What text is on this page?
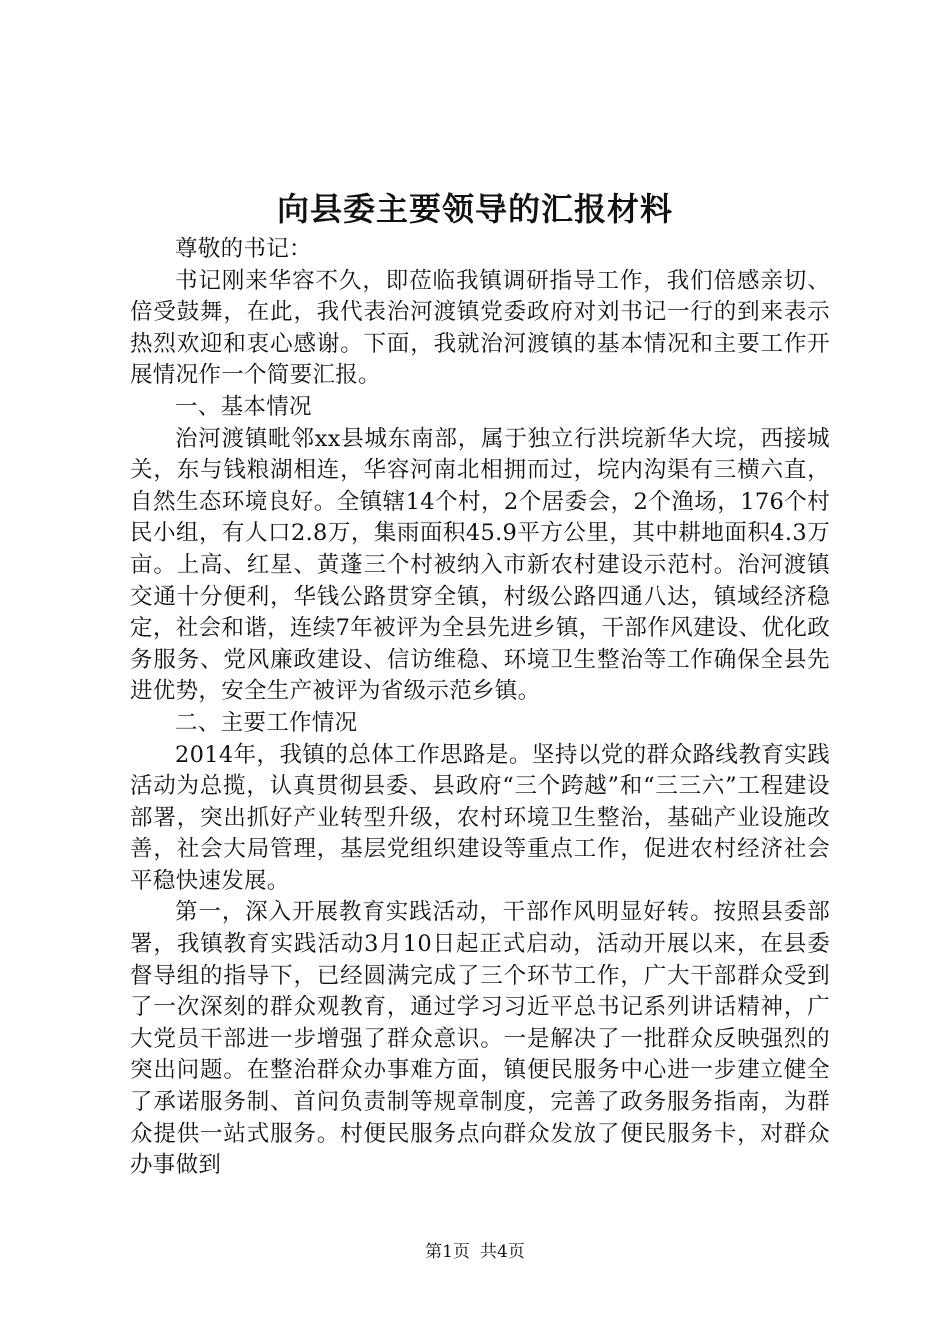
向县委主要领导的汇报材料

尊敬的书记：

书记刚来华容不久，即莅临我镇调研指导工作，我们倍感亲切、倍受鼓舞，在此，我代表治河渡镇党委政府对刘书记一行的到来表示热烈欢迎和衷心感谢。下面，我就治河渡镇的基本情况和主要工作开展情况作一个简要汇报。

一、基本情况

治河渡镇毗邻xx县城东南部，属于独立行洪垸新华大垸，西接城关，东与钱粮湖相连，华容河南北相拥而过，垸内沟渠有三横六直，自然生态环境良好。全镇辖14个村，2个居委会，2个渔场，176个村民小组，有人口2.8万，集雨面积45.9平方公里，其中耕地面积4.3万亩。上高、红星、黄蓬三个村被纳入市新农村建设示范村。治河渡镇交通十分便利，华钱公路贯穿全镇，村级公路四通八达，镇域经济稳定，社会和谐，连续7年被评为全县先进乡镇，干部作风建设、优化政务服务、党风廉政建设、信访维稳、环境卫生整治等工作确保全县先进优势，安全生产被评为省级示范乡镇。

二、主要工作情况

2014年，我镇的总体工作思路是。坚持以党的群众路线教育实践活动为总揽，认真贯彻县委、县政府“三个跨越”和“三三六”工程建设部署，突出抓好产业转型升级，农村环境卫生整治，基础产业设施改善，社会大局管理，基层党组织建设等重点工作，促进农村经济社会平稳快速发展。

第一，深入开展教育实践活动，干部作风明显好转。按照县委部署，我镇教育实践活动3月10日起正式启动，活动开展以来，在县委督导组的指导下，已经圆满完成了三个环节工作，广大干部群众受到了一次深刻的群众观教育，通过学习习近平总书记系列讲话精神，广大党员干部进一步增强了群众意识。一是解决了一批群众反映强烈的突出问题。在整治群众办事难方面，镇便民服务中心进一步建立健全了承诺服务制、首问负责制等规章制度，完善了政务服务指南，为群众提供一站式服务。村便民服务点向群众发放了便民服务卡，对群众办事做到

第1页 共4页
